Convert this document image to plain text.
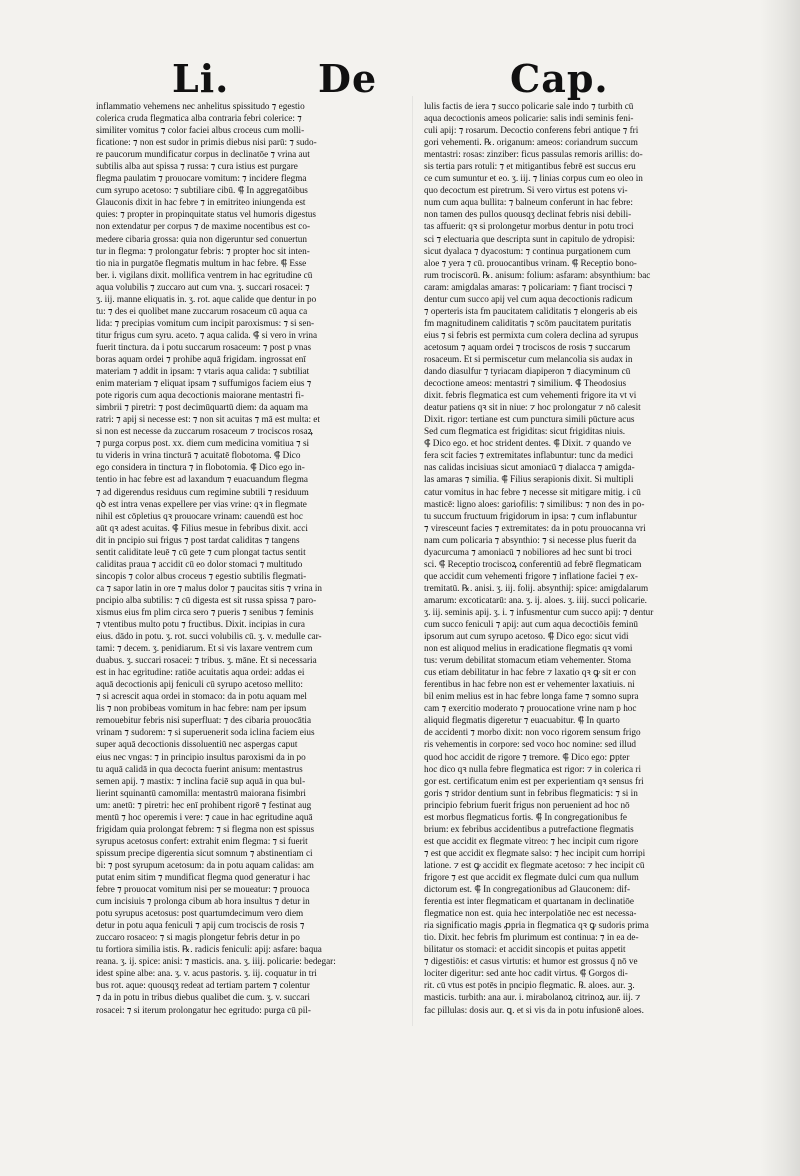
Li. De	Cap.

inflammatio vehemens nec anhelitus spissitudo ⁊ egestio
colerica cruda flegmatica alba contraria febri colerice: ⁊
similiter vomitus ⁊ color faciei albus croceus cum molli-
ficatione: ⁊ non est sudor in primis diebus nisi parū: ⁊ sudo-
re paucorum mundificatur corpus in declinatōe ⁊ vrina aut
subtilis alba aut spissa ⁊ russa: ⁊ cura istius est purgare
flegma paulatim ⁊ prouocare vomitum: ⁊ incidere flegma
cum syrupo acetoso: ⁊ subtiliare cibū. ⸿ In aggregatōibus
Glauconis dixit in hac febre ⁊ in emitriteo iniungenda est
quies: ⁊ propter in propinquitate status vel humoris digestus
non extendatur per corpus ⁊ de maxime nocentibus est co-
medere cibaria grossa: quia non digeruntur sed conuertun
tur in flegma: ⁊ prolongatur febris: ⁊ propter hoc sit inten-
tio nia in purgatōe flegmatis multum in hac febre. ⸿ Esse
ber. i. vigilans dixit. mollifica ventrem in hac egritudine cū
aqua volubilis ⁊ zuccaro aut cum vna. ʒ. succari rosacei: ⁊
ʒ. iij. manne eliquatis in. ʒ. rot. aque calide que dentur in po
tu: ⁊ des ei quolibet mane zuccarum rosaceum cū aqua ca
lida: ⁊ precipias vomitum cum incipit paroxismus: ⁊ si sen-
titur frigus cum syru. aceto. ⁊ aqua calida. ⸿ si vero in vrina
fuerit tinctura. da i potu succarum rosaceum: ⁊ post p vnas
boras aquam ordei ⁊ prohibe aquā frigidam. ingrossat enī
materiam ⁊ addit in ipsam: ⁊ vtaris aqua calida: ⁊ subtiliat
enim materiam ⁊ eliquat ipsam ⁊ suffumigos faciem eius ⁊
pote rigoris cum aqua decoctionis maiorane mentastri fi-
simbrii ⁊ piretri: ⁊ post decimūquartū diem: da aquam ma
ratri: ⁊ apij si necesse est: ⁊ non sit acuitas ⁊ mā est multa: et
si non est necesse da zuccarum rosaceum ⁊ trociscos rosaꝝ
⁊ purga corpus post. xx. diem cum medicina vomitiua ⁊ si
tu videris in vrina tincturā ⁊ acuitatē flobotoma. ⸿ Dico
ego considera in tinctura ⁊ in flobotomia. ⸿ Dico ego in-
tentio in hac febre est ad laxandum ⁊ euacuandum flegma
⁊ ad digerendus residuus cum regimine subtili ⁊ residuum
qꝺ est intra venas expellere per vias vrine: qꝛ in flegmate
nihil est cōpletius qꝛ prouocare vrinam: cauendū est hoc
aūt qꝛ adest acuitas. ⸿ Filius mesue in febribus dixit. acci
dit in pncipio sui frigus ⁊ post tardat caliditas ⁊ tangens
sentit caliditate leuē ⁊ cū gete ⁊ cum plongat tactus sentit
caliditas praua ⁊ accidit cū eo dolor stomaci ⁊ multitudo
sincopis ⁊ color albus croceus ⁊ egestio subtilis flegmati-
ca ⁊ sapor latin in ore ⁊ malus dolor ⁊ paucitas sitis ⁊ vrina in
pncipio alba subtilis: ⁊ cū digesta est sit russa spissa ⁊ paro-
xismus eius fm plim circa sero ⁊ pueris ⁊ senibus ⁊ feminis
⁊ vtentibus multo potu ⁊ fructibus. Dixit. incipias in cura
eius. dādo in potu. ʒ. rot. succi volubilis cū. ʒ. v. medulle car-
tami: ⁊ decem. ʒ. penidiarum. Et si vis laxare ventrem cum
duabus. ʒ. succari rosacei: ⁊ tribus. ʒ. māne. Et si necessaria
est in hac egritudine: ratiōe acuitatis aqua ordei: addas ei
aquā decoctionis apij feniculi cū syrupo acetoso mellito:
⁊ si acrescit aqua ordei in stomaco: da in potu aquam mel
lis ⁊ non probibeas vomitum in hac febre: nam per ipsum
remouebitur febris nisi superfluat: ⁊ des cibaria prouocātia
vrinam ⁊ sudorem: ⁊ si superuenerit soda iclina faciem eius
super aquā decoctionis dissoluentiū nec aspergas caput
eius nec vngas: ⁊ in principio insultus paroxismi da in po
tu aquā calidā in qua decocta fuerint anisum: mentastrus
semen apij. ⁊ mastix: ⁊ inclina faciē sup aquā in qua bul-
lierint squinantū camomilla: mentastrū maiorana fisimbri
um: anetū: ⁊ piretri: hec enī prohibent rigorē ⁊ festinat aug
mentū ⁊ hoc operemis i vere: ⁊ caue in hac egritudine aquā
frigidam quia prolongat febrem: ⁊ si flegma non est spissus
syrupus acetosus confert: extrahit enim flegma: ⁊ si fuerit
spissum precipe digerentia sicut somnum ⁊ abstinentiam ci
bi: ⁊ post syrupum acetosum: da in potu aquam calidas: am
putat enim sitim ⁊ mundificat flegma quod generatur i hac
febre ⁊ prouocat vomitum nisi per se moueatur: ⁊ prouoca
cum incisiuis ⁊ prolonga cibum ab hora insultus ⁊ detur in
potu syrupus acetosus: post quartumdecimum vero diem
detur in potu aqua feniculi ⁊ apij cum trociscis de rosis ⁊
zuccaro rosaceo: ⁊ si magis plongetur febris detur in po
tu fortiora similia istis. ℞. radicis feniculi: apij: asfare: baqua
reana. ʒ. ij. spice: anisi: ⁊ masticis. ana. ʒ. iiij. policarie: bedegar:
idest spine albe: ana. ʒ. v. acus pastoris. ʒ. iij. coquatur in tri
bus rot. aque: quousqʒ redeat ad tertiam partem ⁊ colentur
⁊ da in potu in tribus diebus qualibet die cum. ʒ. v. succari
rosacei: ⁊ si iterum prolongatur hec egritudo: purga cū pil-

lulis factis de iera ⁊ succo policarie sale indo ⁊ turbith cū
aqua decoctionis ameos policarie: salis indi seminis feni-
culi apij: ⁊ rosarum. Decoctio conferens febri antique ⁊ fri
gori vehementi. ℞. origanum: ameos: coriandrum succum
mentastri: rosas: zinziber: ficus passulas remoris arillis: do-
sis tertia pars rotuli: ⁊ et mitigantibus febrē est succus eru
ce cum sumuntur et eo. ʒ. iij. ⁊ linias corpus cum eo oleo in
quo decoctum est piretrum. Si vero virtus est potens vi-
num cum aqua bullita: ⁊ balneum conferunt in hac febre:
non tamen des pullos quousqʒ declinat febris nisi debili-
tas affuerit: qꝛ si prolongetur morbus dentur in potu troci
sci ⁊ electuaria que descripta sunt in capitulo de ydropisi:
sicut dyalaca ⁊ dyacostum: ⁊ continua purgationem cum
aloe ⁊ yera ⁊ cū. prouocantibus vrinam. ⸿ Receptio bono-
rum trociscorū. ℞. anisum: folium: asfaram: absynthium: bac
caram: amigdalas amaras: ⁊ policariam: ⁊ fiant trocisci ⁊
dentur cum succo apij vel cum aqua decoctionis radicum
⁊ operteris ista fm paucitatem caliditatis ⁊ elongeris ab eis
fm magnitudinem caliditatis ⁊ scōm paucitatem puritatis
eius ⁊ si febris est permixta cum colera declina ad syrupus
acetosum ⁊ aquam ordei ⁊ trociscos de rosis ⁊ succarum
rosaceum. Et si permiscetur cum melancolia sis audax in
dando diasulfur ⁊ tyriacam diapiperon ⁊ diacyminum cū
decoctione ameos: mentastri ⁊ similium. ⸿ Theodosius
dixit. febris flegmatica est cum vehementi frigore ita vt vi
deatur patiens qꝛ sit in niue: ⁊ hoc prolongatur ⁊ nō calesit
Dixit. rigor: tertiane est cum punctura simili pūcture acus
Sed cum flegmatica est frigiditas: sicut frigiditas niuis.
⸿ Dico ego. et hoc strident dentes. ⸿ Dixit. ⁊ quando ve
fera scit facies ⁊ extremitates inflabuntur: tunc da medici
nas calidas incisiuas sicut amoniacū ⁊ dialacca ⁊ amigda-
las amaras ⁊ similia. ⸿ Filius serapionis dixit. Si multipli
catur vomitus in hac febre ⁊ necesse sit mitigare mitig. i cū
masticē: ligno aloes: gariofilis: ⁊ similibus: ⁊ non des in po-
tu succum fructuum frigidorum in ipsa: ⁊ cum inflabuntur
⁊ viresceunt facies ⁊ extremitates: da in potu prouocanna vri
nam cum policaria ⁊ absynthio: ⁊ si necesse plus fuerit da
dyacurcuma ⁊ amoniacū ⁊ nobiliores ad hec sunt bi troci
sci. ⸿ Receptio trociscoꝝ conferentiū ad febrē flegmaticam
que accidit cum vehementi frigore ⁊ inflatione faciei ⁊ ex-
tremitatū. ℞. anisi. ʒ. iij. folij. absynthij: spice: amigdalarum
amarum: excoticatarū: ana. ʒ. ij. aloes. ʒ. iiij. succi policarie.
ʒ. iij. seminis apij. ʒ. i. ⁊ infusmentur cum succo apij: ⁊ dentur
cum succo feniculi ⁊ apij: aut cum aqua decoctiōis feminū
ipsorum aut cum syrupo acetoso. ⸿ Dico ego: sicut vidi
non est aliquod melius in eradicatione flegmatis qꝛ vomi
tus: verum debilitat stomacum etiam vehementer. Stoma
cus etiam debilitatur in hac febre ⁊ laxatio qꝛ ꝙ sit er con
ferentibus in hac febre non est er vehementer laxatiuis. ni
bil enim melius est in hac febre longa fame ⁊ somno supra
cam ⁊ exercitio moderato ⁊ prouocatione vrine nam p hoc
aliquid flegmatis digeretur ⁊ euacuabitur. ⸿ In quarto
de accidenti ⁊ morbo dixit: non voco rigorem sensum frigo
ris vehementis in corpore: sed voco hoc nomine: sed illud
quod hoc accidit de rigore ⁊ tremore. ⸿ Dico ego: ꝑpter
hoc dico qꝛ nulla febre flegmatica est rigor: ⁊ in colerica ri
gor est. certificatum enim est per experientiam qꝛ sensus fri
goris ⁊ stridor dentium sunt in febribus flegmaticis: ⁊ si in
principio febrium fuerit frigus non peruenient ad hoc nō
est morbus flegmaticus fortis. ⸿ In congregationibus fe
brium: ex febribus accidentibus a putrefactione flegmatis
est que accidit ex flegmate vitreo: ⁊ hec incipit cum rigore
⁊ est que accidit ex flegmate salso: ⁊ hec incipit cum horripi
latione. ⁊ est ꝙ accidit ex flegmate acetoso: ⁊ hec incipit cū
frigore ⁊ est que accidit ex flegmate dulci cum qua nullum
dictorum est. ⸿ In congregationibus ad Glauconem: dif-
ferentia est inter flegmaticam et quartanam in declinatiōe
flegmatice non est. quia hec interpolatiōe nec est necessa-
ria significatio magis ꝓpria in flegmatica qꝛ ꝙ sudoris prima
tio. Dixit. hec febris fm plurimum est continua: ⁊ in ea de-
bilitatur os stomaci: et accidit sincopis et puitas appetit
⁊ digestiōis: et casus virtutis: et humor est grossus q̄ nō ve
lociter digeritur: sed ante hoc cadit virtus. ⸿ Gorgos di-
rit. cū vtus est potēs in pncipio flegmatic. ℞. aloes. aur. ꝫ.
masticis. turbith: ana aur. i. mirabolanoꝝ citrinoꝝ aur. iij. ⁊
fac pillulas: dosis aur. ꝗ. et si vis da in potu infusionē aloes.
